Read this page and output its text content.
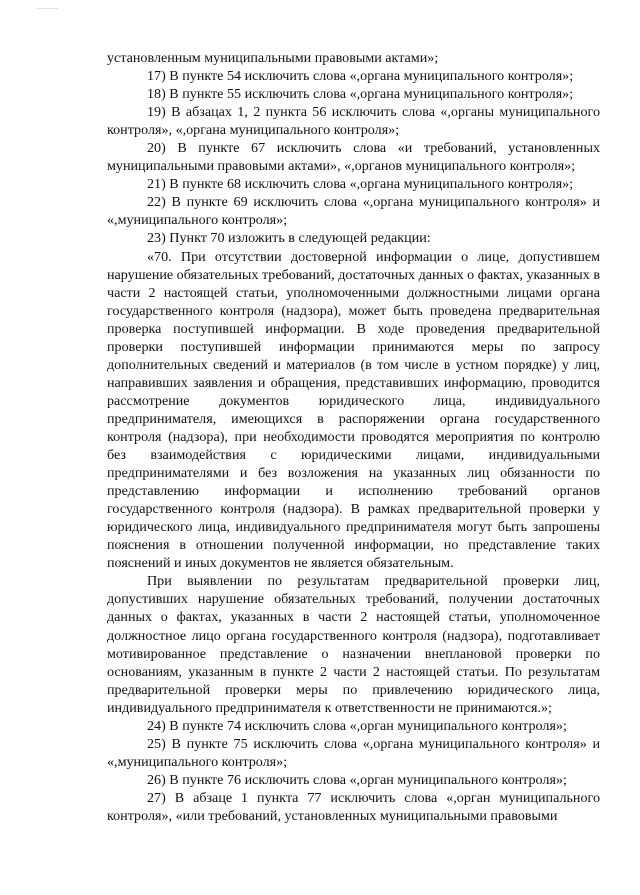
установленным муниципальными правовыми актами»;

17) В пункте 54 исключить слова «,органа муниципального контроля»;

18) В пункте 55 исключить слова «,органа муниципального контроля»;

19) В абзацах 1, 2 пункта 56 исключить слова «,органы муниципального контроля», «,органа муниципального контроля»;

20) В пункте 67 исключить слова «и требований, установленных муниципальными правовыми актами», «,органов муниципального контроля»;

21) В пункте 68 исключить слова «,органа муниципального контроля»;

22) В пункте 69 исключить слова «,органа муниципального контроля» и «,муниципального контроля»;

23) Пункт 70 изложить в следующей редакции:

«70. При отсутствии достоверной информации о лице, допустившем нарушение обязательных требований, достаточных данных о фактах, указанных в части 2 настоящей статьи, уполномоченными должностными лицами органа государственного контроля (надзора), может быть проведена предварительная проверка поступившей информации. В ходе проведения предварительной проверки поступившей информации принимаются меры по запросу дополнительных сведений и материалов (в том числе в устном порядке) у лиц, направивших заявления и обращения, представивших информацию, проводится рассмотрение документов юридического лица, индивидуального предпринимателя, имеющихся в распоряжении органа государственного контроля (надзора), при необходимости проводятся мероприятия по контролю без взаимодействия с юридическими лицами, индивидуальными предпринимателями и без возложения на указанных лиц обязанности по представлению информации и исполнению требований органов государственного контроля (надзора). В рамках предварительной проверки у юридического лица, индивидуального предпринимателя могут быть запрошены пояснения в отношении полученной информации, но представление таких пояснений и иных документов не является обязательным.

При выявлении по результатам предварительной проверки лиц, допустивших нарушение обязательных требований, получении достаточных данных о фактах, указанных в части 2 настоящей статьи, уполномоченное должностное лицо органа государственного контроля (надзора), подготавливает мотивированное представление о назначении внеплановой проверки по основаниям, указанным в пункте 2 части 2 настоящей статьи. По результатам предварительной проверки меры по привлечению юридического лица, индивидуального предпринимателя к ответственности не принимаются.»;

24) В пункте 74 исключить слова «,орган муниципального контроля»;

25) В пункте 75 исключить слова «,органа муниципального контроля» и «,муниципального контроля»;

26) В пункте 76 исключить слова «,орган муниципального контроля»;

27) В абзаце 1 пункта 77 исключить слова «,орган муниципального контроля», «или требований, установленных муниципальными правовыми
